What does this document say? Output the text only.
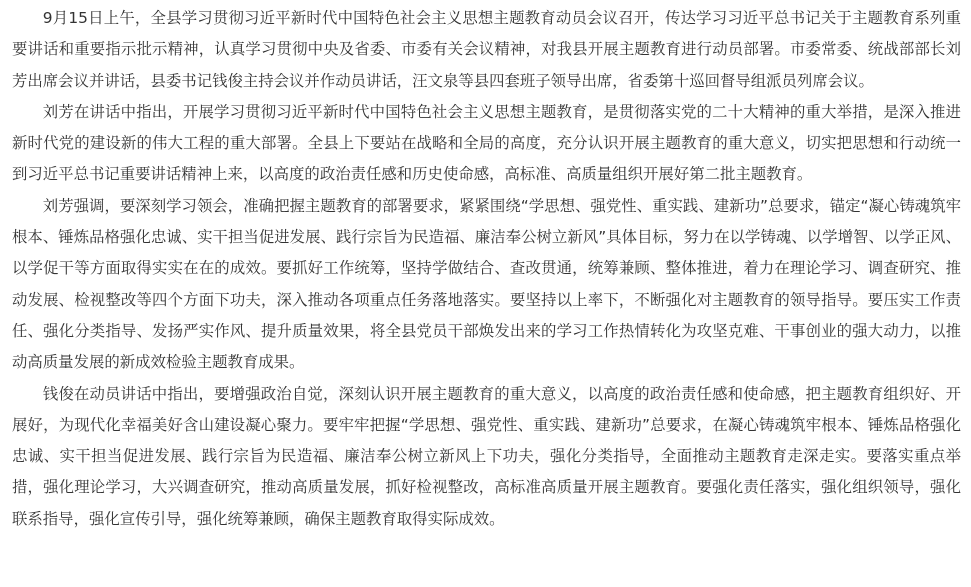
9月15日上午，全县学习贯彻习近平新时代中国特色社会主义思想主题教育动员会议召开，传达学习习近平总书记关于主题教育系列重要讲话和重要指示批示精神，认真学习贯彻中央及省委、市委有关会议精神，对我县开展主题教育进行动员部署。市委常委、统战部部长刘芳出席会议并讲话，县委书记钱俊主持会议并作动员讲话，汪文泉等县四套班子领导出席，省委第十巡回督导组派员列席会议。

刘芳在讲话中指出，开展学习贯彻习近平新时代中国特色社会主义思想主题教育，是贯彻落实党的二十大精神的重大举措，是深入推进新时代党的建设新的伟大工程的重大部署。全县上下要站在战略和全局的高度，充分认识开展主题教育的重大意义，切实把思想和行动统一到习近平总书记重要讲话精神上来，以高度的政治责任感和历史使命感，高标准、高质量组织开展好第二批主题教育。

刘芳强调，要深刻学习领会，准确把握主题教育的部署要求，紧紧围绕“学思想、强党性、重实践、建新功”总要求，锚定“凝心铸魂筑牢根本、锤炼品格强化忠诚、实干担当促进发展、践行宗旨为民造福、廉洁奉公树立新风”具体目标，努力在以学铸魂、以学增智、以学正风、以学促干等方面取得实实在在的成效。要抓好工作统筹，坚持学做结合、查改贯通，统筹兼顾、整体推进，着力在理论学习、调查研究、推动发展、检视整改等四个方面下功夫，深入推动各项重点任务落地落实。要坚持以上率下，不断强化对主题教育的领导指导。要压实工作责任、强化分类指导、发扬严实作风、提升质量效果，将全县党员干部焕发出来的学习工作热情转化为攻坚克难、干事创业的强大动力，以推动高质量发展的新成效检验主题教育成果。

钱俊在动员讲话中指出，要增强政治自觉，深刻认识开展主题教育的重大意义，以高度的政治责任感和使命感，把主题教育组织好、开展好，为现代化幸福美好含山建设凝心聚力。要牢牢把握“学思想、强党性、重实践、建新功”总要求，在凝心铸魂筑牢根本、锤炼品格强化忠诚、实干担当促进发展、践行宗旨为民造福、廉洁奉公树立新风上下功夫，强化分类指导，全面推动主题教育走深走实。要落实重点举措，强化理论学习，大兴调查研究，推动高质量发展，抓好检视整改，高标准高质量开展主题教育。要强化责任落实，强化组织领导，强化联系指导，强化宣传引导，强化统筹兼顾，确保主题教育取得实际成效。
